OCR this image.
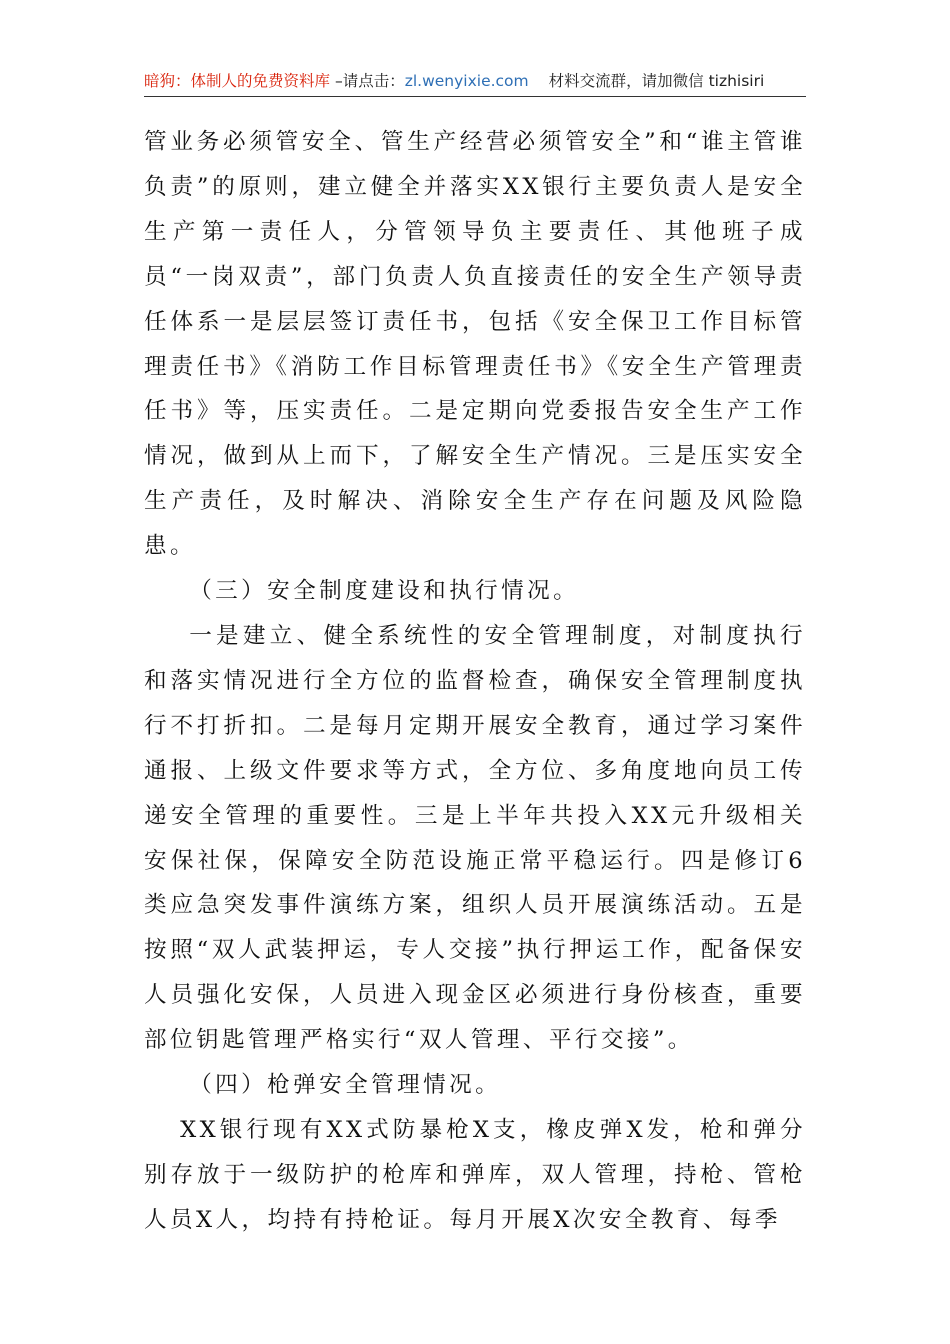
暗狗：体制人的免费资料库 –请点击：zl.wenyixie.com 材料交流群，请加微信 tizhisiri

管业务必须管安全、管生产经营必须管安全”和“谁主管谁负责”的原则，建立健全并落实XX银行主要负责人是安全生产第一责任人，分管领导负主要责任、其他班子成员“一岗双责”，部门负责人负直接责任的安全生产领导责任体系一是层层签订责任书，包括《安全保卫工作目标管理责任书》《消防工作目标管理责任书》《安全生产管理责任书》等，压实责任。二是定期向党委报告安全生产工作情况，做到从上而下，了解安全生产情况。三是压实安全生产责任，及时解决、消除安全生产存在问题及风险隐患。

（三）安全制度建设和执行情况。

一是建立、健全系统性的安全管理制度，对制度执行和落实情况进行全方位的监督检查，确保安全管理制度执行不打折扣。二是每月定期开展安全教育，通过学习案件通报、上级文件要求等方式，全方位、多角度地向员工传递安全管理的重要性。三是上半年共投入XX元升级相关安保社保，保障安全防范设施正常平稳运行。四是修订6类应急突发事件演练方案，组织人员开展演练活动。五是按照“双人武装押运，专人交接”执行押运工作，配备保安人员强化安保，人员进入现金区必须进行身份核查，重要部位钥匙管理严格实行“双人管理、平行交接”。

（四）枪弹安全管理情况。

XX银行现有XX式防暴枪X支，橡皮弹X发，枪和弹分别存放于一级防护的枪库和弹库，双人管理，持枪、管枪人员X人，均持有持枪证。每月开展X次安全教育、每季
